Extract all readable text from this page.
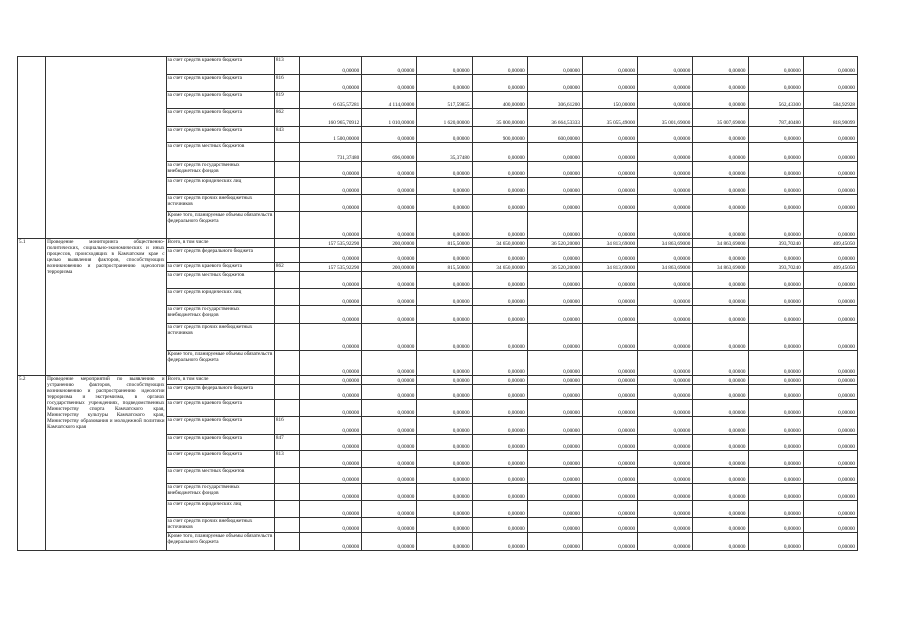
		за счет средств краевого бюджета	813	0,00000	0,00000	0,00000	0,00000	0,00000	0,00000	0,00000	0,00000	0,00000	0,00000
		за счет средств краевого бюджета	816	0,00000	0,00000	0,00000	0,00000	0,00000	0,00000	0,00000	0,00000	0,00000	0,00000
		за счет средств краевого бюджета	819	6 635,57281	4 114,00000	517,59855	400,00000	306,61200	150,00000	0,00000	0,00000	562,43300	584,92928
		за счет средств краевого бюджета	862	160 965,70912	1 010,00000	1 620,00000	35 000,00000	36 664,53333	35 055,49000	35 001,69000	35 007,69000	787,40480	818,90099
		за счет средств краевого бюджета	843	1 500,00000	0,00000	0,00000	900,00000	600,00000	0,00000	0,00000	0,00000	0,00000	0,00000
		за счет средств местных бюджетов		731,37480	696,00000	35,37480	0,00000	0,00000	0,00000	0,00000	0,00000	0,00000	0,00000
		за счет средств государственных внебюджетных фондов		0,00000	0,00000	0,00000	0,00000	0,00000	0,00000	0,00000	0,00000	0,00000	0,00000
		за счет средств юридических лиц		0,00000	0,00000	0,00000	0,00000	0,00000	0,00000	0,00000	0,00000	0,00000	0,00000
		за счет средств прочих внебюджетных источников		0,00000	0,00000	0,00000	0,00000	0,00000	0,00000	0,00000	0,00000	0,00000	0,00000
		Кроме того, планируемые объемы обязательств федерального бюджета		0,00000	0,00000	0,00000	0,00000	0,00000	0,00000	0,00000	0,00000	0,00000	0,00000
5.1	Проведение мониторинга общественно-политических, социально-экономических и иных процессов, происходящих в Камчатском крае с целью выявления факторов, способствующих возникновению и распространению идеологии терроризма	Всего, в том числе		157 535,92290	200,00000	815,50000	34 650,00000	36 520,20000	34 813,69000	34 863,69000	34 863,69000	393,70240	409,45050
		за счет средств федерального бюджета		0,00000	0,00000	0,00000	0,00000	0,00000	0,00000	0,00000	0,00000	0,00000	0,00000
		за счет средств краевого бюджета	862	157 535,92290	200,00000	815,50000	34 650,00000	36 520,20000	34 813,69000	34 863,69000	34 863,69000	393,70240	409,45050
		за счет средств местных бюджетов		0,00000	0,00000	0,00000	0,00000	0,00000	0,00000	0,00000	0,00000	0,00000	0,00000
		за счет средств юридических лиц		0,00000	0,00000	0,00000	0,00000	0,00000	0,00000	0,00000	0,00000	0,00000	0,00000
		за счет средств государственных внебюджетных фондов		0,00000	0,00000	0,00000	0,00000	0,00000	0,00000	0,00000	0,00000	0,00000	0,00000
		за счет средств прочих внебюджетных источников		0,00000	0,00000	0,00000	0,00000	0,00000	0,00000	0,00000	0,00000	0,00000	0,00000
		Кроме того, планируемые объемы обязательств федерального бюджета		0,00000	0,00000	0,00000	0,00000	0,00000	0,00000	0,00000	0,00000	0,00000	0,00000
5.2	Проведение мероприятий по выявлению и устранению факторов, способствующих возникновению и распространению идеологии терроризма и экстремизма, в органах государственных учреждениях, подведомственных Министерству спорта Камчатского края, Министерству культуры Камчатского края, Министерству образования и молодежной политики Камчатского края	Всего, в том числе		0,00000	0,00000	0,00000	0,00000	0,00000	0,00000	0,00000	0,00000	0,00000	0,00000
		за счет средств федерального бюджета		0,00000	0,00000	0,00000	0,00000	0,00000	0,00000	0,00000	0,00000	0,00000	0,00000
		за счет средств краевого бюджета		0,00000	0,00000	0,00000	0,00000	0,00000	0,00000	0,00000	0,00000	0,00000	0,00000
		за счет средств краевого бюджета	816	0,00000	0,00000	0,00000	0,00000	0,00000	0,00000	0,00000	0,00000	0,00000	0,00000
		за счет средств краевого бюджета	847	0,00000	0,00000	0,00000	0,00000	0,00000	0,00000	0,00000	0,00000	0,00000	0,00000
		за счет средств краевого бюджета	813	0,00000	0,00000	0,00000	0,00000	0,00000	0,00000	0,00000	0,00000	0,00000	0,00000
		за счет средств местных бюджетов		0,00000	0,00000	0,00000	0,00000	0,00000	0,00000	0,00000	0,00000	0,00000	0,00000
		за счет средств государственных внебюджетных фондов		0,00000	0,00000	0,00000	0,00000	0,00000	0,00000	0,00000	0,00000	0,00000	0,00000
		за счет средств юридических лиц		0,00000	0,00000	0,00000	0,00000	0,00000	0,00000	0,00000	0,00000	0,00000	0,00000
		за счет средств прочих внебюджетных источников		0,00000	0,00000	0,00000	0,00000	0,00000	0,00000	0,00000	0,00000	0,00000	0,00000
		Кроме того, планируемые объемы обязательств федерального бюджета		0,00000	0,00000	0,00000	0,00000	0,00000	0,00000	0,00000	0,00000	0,00000	0,00000
